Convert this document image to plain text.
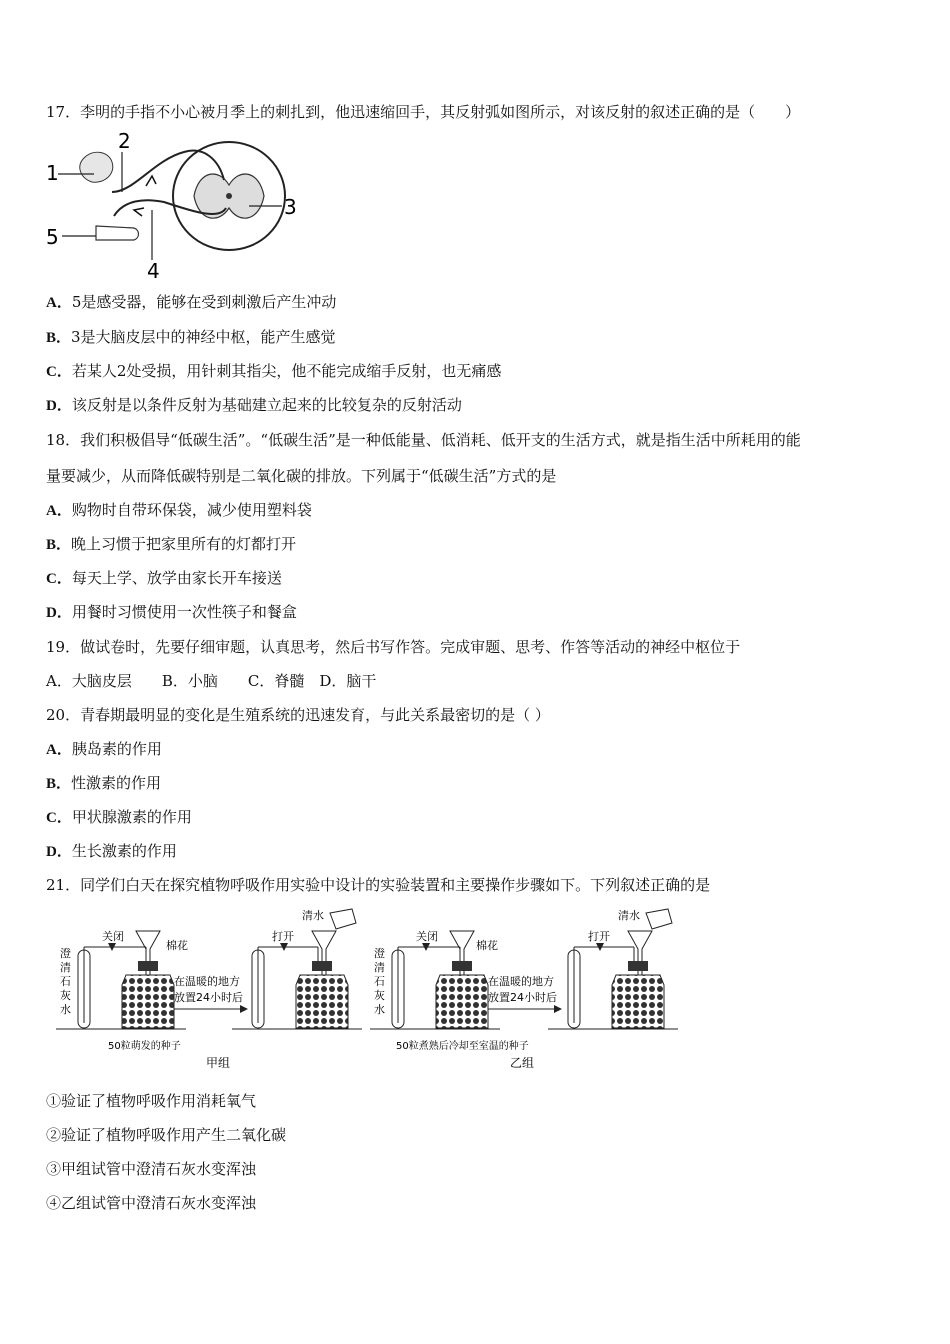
17．李明的手指不小心被月季上的刺扎到，他迅速缩回手，其反射弧如图所示，对该反射的叙述正确的是（　　）
1
2
3
4
5
A．5是感受器，能够在受到刺激后产生冲动
B．3是大脑皮层中的神经中枢，能产生感觉
C．若某人2处受损，用针刺其指尖，他不能完成缩手反射，也无痛感
D．该反射是以条件反射为基础建立起来的比较复杂的反射活动
18．我们积极倡导“低碳生活”。“低碳生活”是一种低能量、低消耗、低开支的生活方式，就是指生活中所耗用的能
量要减少，从而降低碳特别是二氧化碳的排放。下列属于“低碳生活”方式的是
A．购物时自带环保袋，减少使用塑料袋
B．晚上习惯于把家里所有的灯都打开
C．每天上学、放学由家长开车接送
D．用餐时习惯使用一次性筷子和餐盒
19．做试卷时，先要仔细审题，认真思考，然后书写作答。完成审题、思考、作答等活动的神经中枢位于
A．大脑皮层　　B．小脑　　C．脊髓　D．脑干
20．青春期最明显的变化是生殖系统的迅速发育，与此关系最密切的是（ ）
A．胰岛素的作用
B．性激素的作用
C．甲状腺激素的作用
D．生长激素的作用
21．同学们白天在探究植物呼吸作用实验中设计的实验装置和主要操作步骤如下。下列叙述正确的是
澄
清
石
灰
水
关闭
棉花
50粒萌发的种子
在温暖的地方
放置24小时后
打开
清水
甲组
澄
清
石
灰
水
关闭
棉花
50粒煮熟后冷却至室温的种子
在温暖的地方
放置24小时后
打开
清水
乙组
①验证了植物呼吸作用消耗氧气
②验证了植物呼吸作用产生二氧化碳
③甲组试管中澄清石灰水变浑浊
④乙组试管中澄清石灰水变浑浊
